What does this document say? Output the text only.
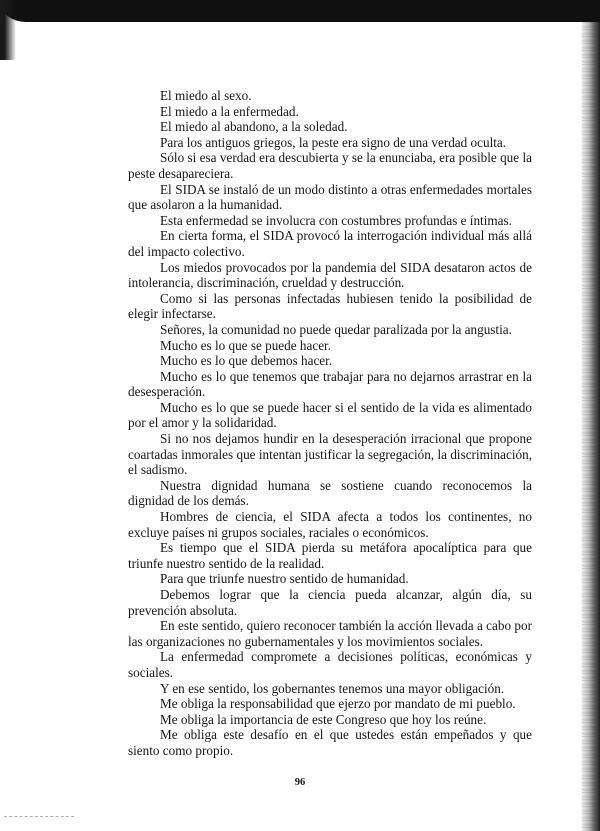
El miedo al sexo.

El miedo a la enfermedad.

El miedo al abandono, a la soledad.

Para los antiguos griegos, la peste era signo de una verdad oculta.

Sólo si esa verdad era descubierta y se la enunciaba, era posible que la peste desapareciera.

El SIDA se instaló de un modo distinto a otras enfermedades mortales que asolaron a la humanidad.

Esta enfermedad se involucra con costumbres profundas e íntimas.

En cierta forma, el SIDA provocó la interrogación individual más allá del impacto colectivo.

Los miedos provocados por la pandemia del SIDA desataron actos de intolerancia, discriminación, crueldad y destrucción.

Como si las personas infectadas hubiesen tenido la posibilidad de elegir infectarse.

Señores, la comunidad no puede quedar paralizada por la angustia.

Mucho es lo que se puede hacer.

Mucho es lo que debemos hacer.

Mucho es lo que tenemos que trabajar para no dejarnos arrastrar en la desesperación.

Mucho es lo que se puede hacer si el sentido de la vida es alimentado por el amor y la solidaridad.

Si no nos dejamos hundir en la desesperación irracional que propone coartadas inmorales que intentan justificar la segregación, la discriminación, el sadismo.

Nuestra dignidad humana se sostiene cuando reconocemos la dignidad de los demás.

Hombres de ciencia, el SIDA afecta a todos los continentes, no excluye países ni grupos sociales, raciales o económicos.

Es tiempo que el SIDA pierda su metáfora apocalíptica para que triunfe nuestro sentido de la realidad.

Para que triunfe nuestro sentido de humanidad.

Debemos lograr que la ciencia pueda alcanzar, algún día, su prevención absoluta.

En este sentido, quiero reconocer también la acción llevada a cabo por las organizaciones no gubernamentales y los movimientos sociales.

La enfermedad compromete a decisiones políticas, económicas y sociales.

Y en ese sentido, los gobernantes tenemos una mayor obligación.

Me obliga la responsabilidad que ejerzo por mandato de mi pueblo.

Me obliga la importancia de este Congreso que hoy los reúne.

Me obliga este desafío en el que ustedes están empeñados y que siento como propio.

96
